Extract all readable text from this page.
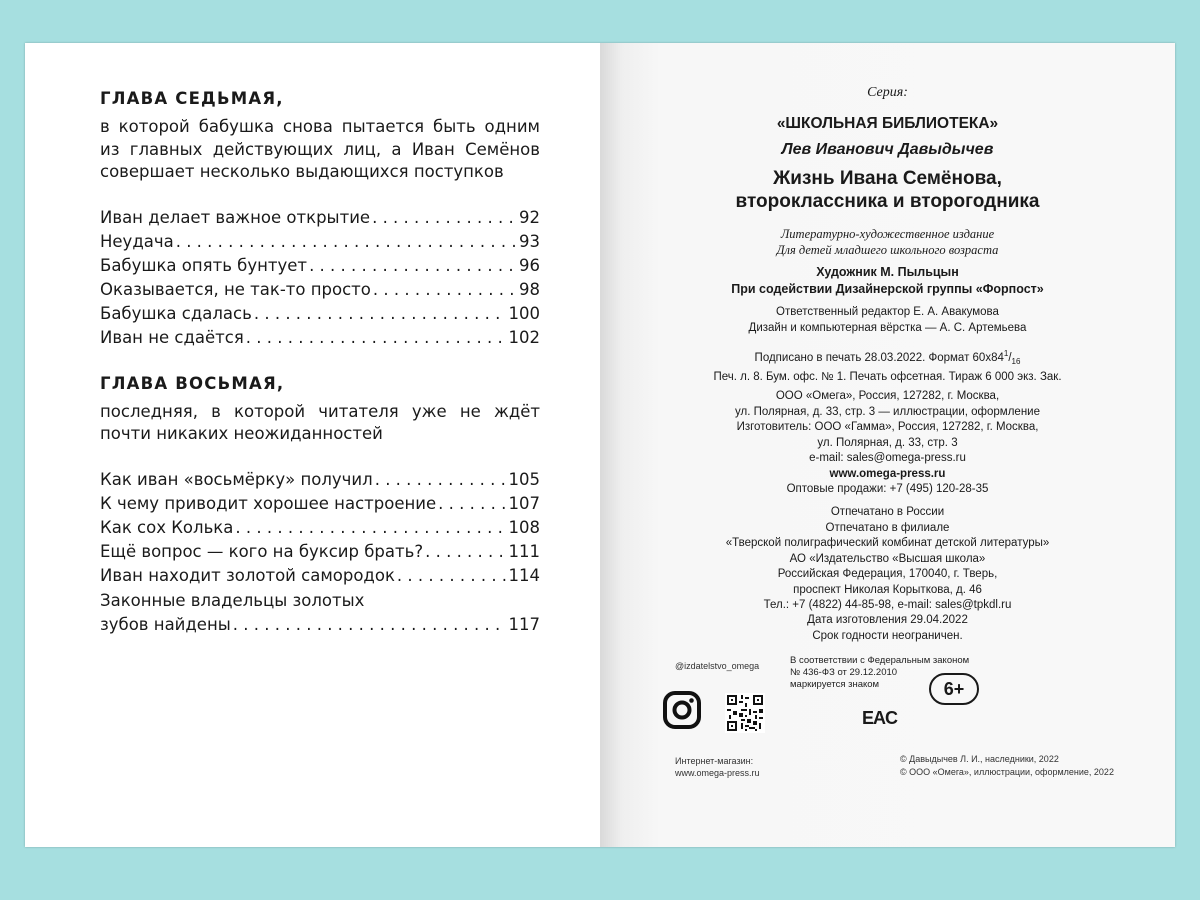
ГЛАВА СЕДЬМАЯ,
в которой бабушка снова пытается быть одним из главных действующих лиц, а Иван Семёнов совершает несколько выдающихся поступков
Иван делает важное открытие . . .	92
Неудача . . .	93
Бабушка опять бунтует . . .	96
Оказывается, не так-то просто . . .	98
Бабушка сдалась . . .	100
Иван не сдаётся . . .	102
ГЛАВА ВОСЬМАЯ,
последняя, в которой читателя уже не ждёт почти никаких неожиданностей
Как иван «восьмёрку» получил . . .	105
К чему приводит хорошее настроение . . .	107
Как сох Колька . . .	108
Ещё вопрос — кого на буксир брать? . . .	111
Иван находит золотой самородок . . .	114
Законные владельцы золотых
зубов найдены . . .	117
Серия:
«ШКОЛЬНАЯ БИБЛИОТЕКА»
Лев Иванович Давыдычев
Жизнь Ивана Семёнова,
второклассника и второгодника
Литературно-художественное издание
Для детей младшего школьного возраста
Художник М. Пыльцын
При содействии Дизайнерской группы «Форпост»
Ответственный редактор Е. А. Авакумова
Дизайн и компьютерная вёрстка — А. С. Артемьева
Подписано в печать 28.03.2022. Формат $60x84^1/_{16}$
Печ. л. 8. Бум. офс. № 1. Печать офсетная. Тираж 6 000 экз. Зак.
ООО «Омега», Россия, 127282, г. Москва,
ул. Полярная, д. 33, стр. 3 — иллюстрации, оформление
Изготовитель: ООО «Гамма», Россия, 127282, г. Москва,
ул. Полярная, д. 33, стр. 3
e-mail: sales@omega-press.ru
www.omega-press.ru
Оптовые продажи: +7 (495) 120-28-35
Отпечатано в России
Отпечатано в филиале
«Тверской полиграфический комбинат детской литературы»
АО «Издательство «Высшая школа»
Российская Федерация, 170040, г. Тверь,
проспект Николая Корыткова, д. 46
Тел.: +7 (4822) 44-85-98, e-mail: sales@tpkdl.ru
Дата изготовления 29.04.2022
Срок годности неограничен.
@izdatelstvo_omega	В соответствии с Федеральным законом
№ 436-ФЗ от 29.12.2010
маркируется знаком	6+
EAC
Интернет-магазин:
www.omega-press.ru
© Давыдычев Л. И., наследники, 2022
© ООО «Омега», иллюстрации, оформление, 2022
